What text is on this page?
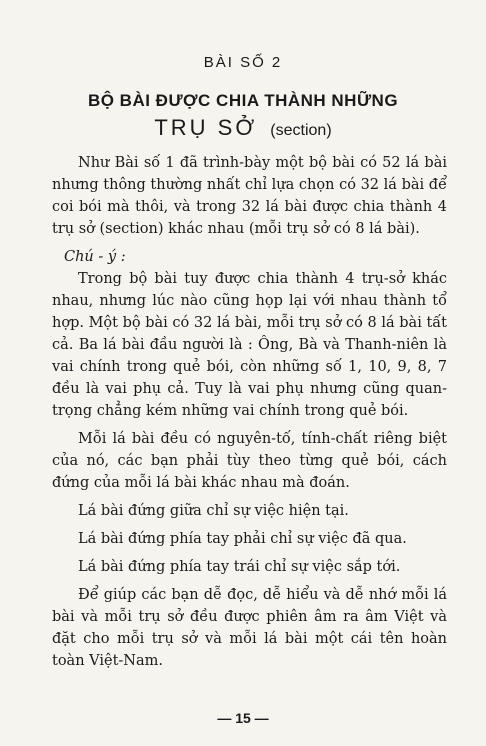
BÀI SỐ 2
BỘ BÀI ĐƯỢC CHIA THÀNH NHỮNG
TRỤ SỞ (section)

Như Bài số 1 đã trình-bày một bộ bài có 52 lá bài nhưng thông thường nhất chỉ lựa chọn có 32 lá bài để coi bói mà thôi, và trong 32 lá bài được chia thành 4 trụ sở (section) khác nhau (mỗi trụ sở có 8 lá bài).

Chú - ý :

Trong bộ bài tuy được chia thành 4 trụ-sở khác nhau, nhưng lúc nào cũng họp lại với nhau thành tổ hợp. Một bộ bài có 32 lá bài, mỗi trụ sở có 8 lá bài tất cả. Ba lá bài đầu người là : Ông, Bà và Thanh-niên là vai chính trong quẻ bói, còn những số 1, 10, 9, 8, 7 đều là vai phụ cả. Tuy là vai phụ nhưng cũng quan-trọng chẳng kém những vai chính trong quẻ bói.

Mỗi lá bài đều có nguyên-tố, tính-chất riêng biệt của nó, các bạn phải tùy theo từng quẻ bói, cách đứng của mỗi lá bài khác nhau mà đoán.

Lá bài đứng giữa chỉ sự việc hiện tại.

Lá bài đứng phía tay phải chỉ sự việc đã qua.

Lá bài đứng phía tay trái chỉ sự việc sắp tới.

Để giúp các bạn dễ đọc, dễ hiểu và dễ nhớ mỗi lá bài và mỗi trụ sở đều được phiên âm ra âm Việt và đặt cho mỗi trụ sở và mỗi lá bài một cái tên hoàn toàn Việt-Nam.

— 15 —
